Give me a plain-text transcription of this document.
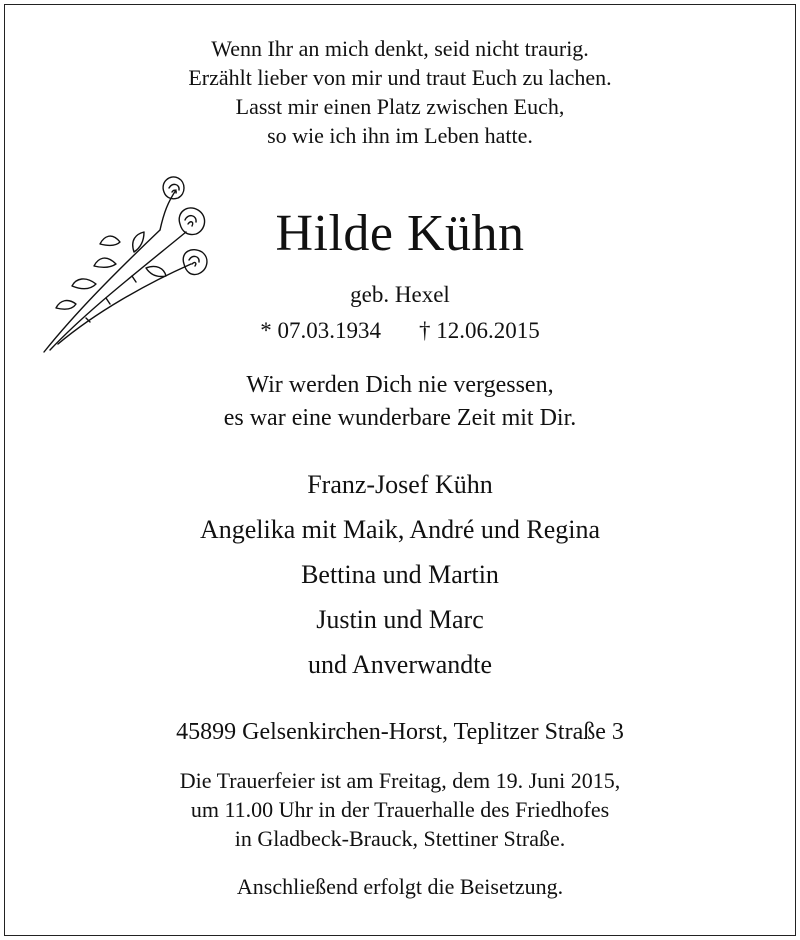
Wenn Ihr an mich denkt, seid nicht traurig.
Erzählt lieber von mir und traut Euch zu lachen.
Lasst mir einen Platz zwischen Euch,
so wie ich ihn im Leben hatte.
Hilde Kühn
geb. Hexel
* 07.03.1934 † 12.06.2015
Wir werden Dich nie vergessen,
es war eine wunderbare Zeit mit Dir.
Franz-Josef Kühn
Angelika mit Maik, André und Regina
Bettina und Martin
Justin und Marc
und Anverwandte
45899 Gelsenkirchen-Horst, Teplitzer Straße 3
Die Trauerfeier ist am Freitag, dem 19. Juni 2015,
um 11.00 Uhr in der Trauerhalle des Friedhofes
in Gladbeck-Brauck, Stettiner Straße.
Anschließend erfolgt die Beisetzung.
